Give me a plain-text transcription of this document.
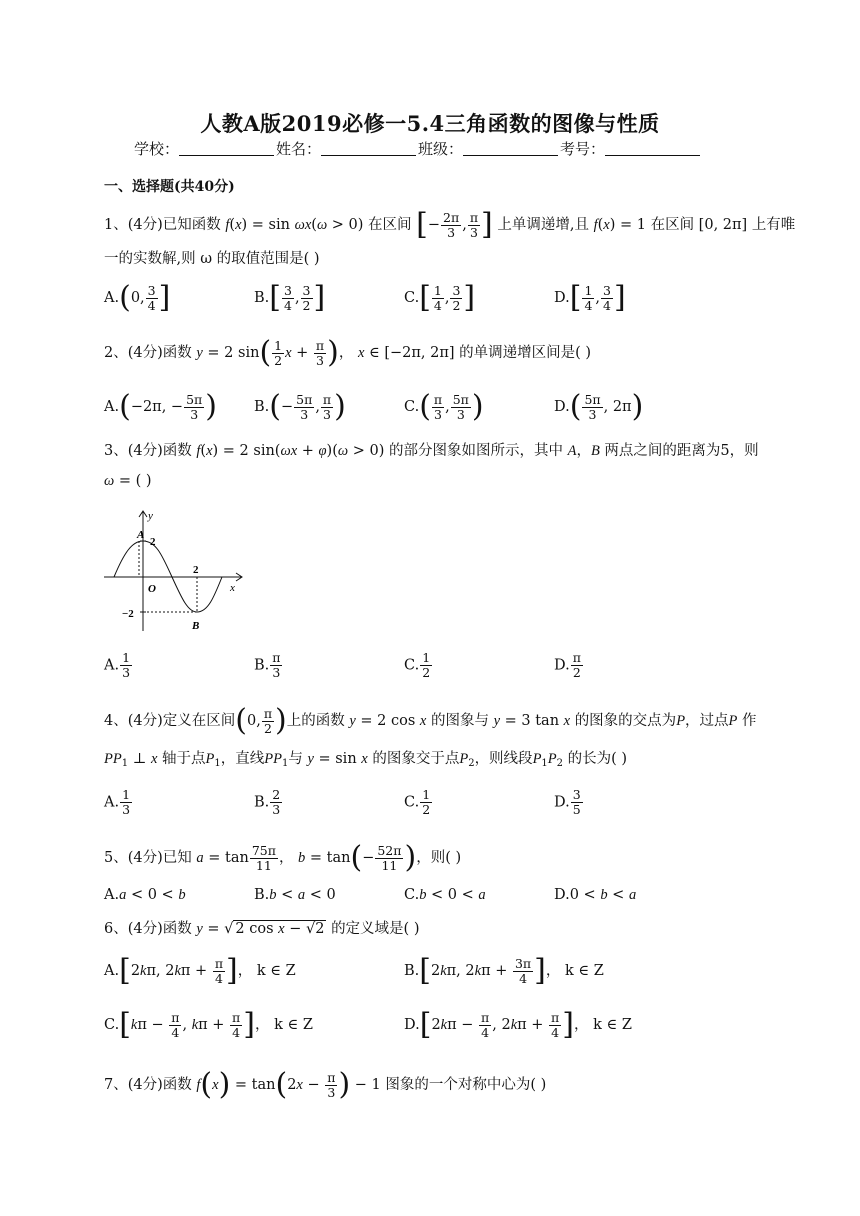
人教A版2019必修一5.4三角函数的图像与性质
学校：	姓名：	班级：	考号：
一、选择题(共40分)
1、(4分)已知函数 f(x) = sin ωx(ω > 0) 在区间 [− $\frac{2\pi}{3}$ , $\frac{\pi}{3}$ ] 上单调递增,且 f(x) = 1 在区间 [0, 2π] 上有唯
一的实数解,则 ω 的取值范围是( )
A.(0, $\frac{3}{4}$ ]	$B.[ \frac{3}{4}$ , $\frac{3}{2}$ ]	$C.[ \frac{1}{4}$ , $\frac{3}{2}$ ]	$D.[ \frac{1}{4}$ , $\frac{3}{4}$ ]
2、(4分)函数 y = 2 $\sin( \frac{1}{2}$ $x + \frac{\pi}{3}$ )， x ∈ [−2π, 2π] 的单调递增区间是( )
A.(−2π, − $\frac{5\pi}{3}$ )	$B.(- \frac{5\pi}{3}$ , $\frac{\pi}{3}$ )	$C.( \frac{\pi}{3}$ , $\frac{5\pi}{3}$ )	$D.( \frac{5\pi}{3}$ , 2π)
3、(4分)函数 f(x) = 2 sin(ωx + φ)(ω > 0) 的部分图象如图所示，其中 A，B 两点之间的距离为5，则
ω = ( )
y
x
O
A
B
2
2
−2
A. $\frac{1}{3}$	B. $\frac{\pi}{3}$	C. $\frac{1}{2}$	D. $\frac{\pi}{2}$
4、(4分)定义在区间(0, $\frac{\pi}{2}$ )上的函数 y = 2 cos x 的图象与 y = 3 tan x 的图象的交点为P，过点P 作
$PP_1$ ⊥ x 轴于点$P_1$，直线$PP_1$与 y = sin x 的图象交于点$P_2$，则线段$P_1P_2$ 的长为( )
A. $\frac{1}{3}$	B. $\frac{2}{3}$	C. $\frac{1}{2}$	D. $\frac{3}{5}$
5、(4分)已知 $a = \tan \frac{75\pi}{11}$ ， $b = \tan(- \frac{52\pi}{11}$ )，则( )
A.a < 0 < b	B.b < a < 0	C.b < 0 < a	D.0 < b < a
6、(4分)函数 y = √ 2 cos x − √2 的定义域是( )
A.[2kπ, $2k\pi + \frac{\pi}{4}$ ]， k ∈ Z	B.[2kπ, $2k\pi + \frac{3\pi}{4}$ ]， k ∈ Z
$C.[k\pi - \frac{\pi}{4}$ , $k\pi + \frac{\pi}{4}$ ]， k ∈ Z	$D.[2k\pi - \frac{\pi}{4}$ , $2k\pi + \frac{\pi}{4}$ ]， k ∈ Z
7、(4分)函数 $f(x) = \tan(2x - \frac{\pi}{3}$ ) − 1 图象的一个对称中心为( )
